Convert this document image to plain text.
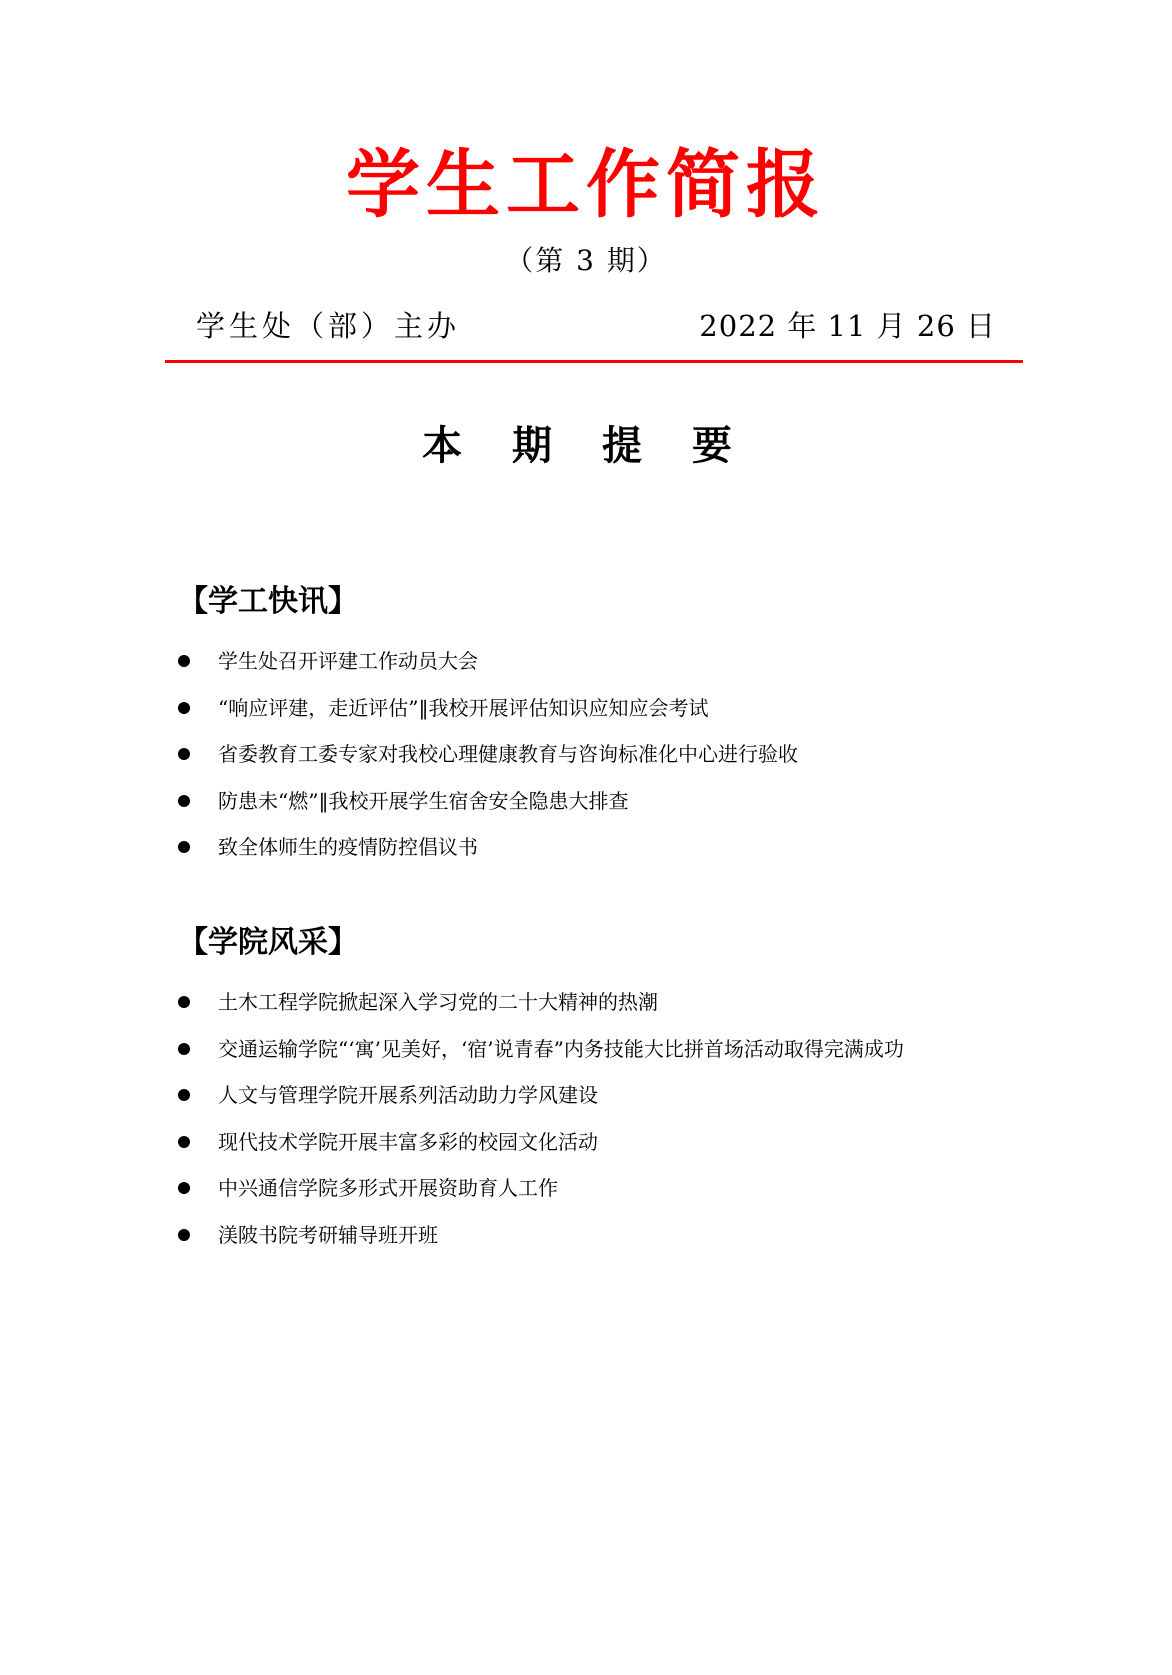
学生工作简报
（第 3 期）
学生处（部）主办	2022 年 11 月 26 日
本 期 提 要
【学工快讯】
学生处召开评建工作动员大会
“响应评建，走近评估”‖我校开展评估知识应知应会考试
省委教育工委专家对我校心理健康教育与咨询标准化中心进行验收
防患未“燃”‖我校开展学生宿舍安全隐患大排查
致全体师生的疫情防控倡议书
【学院风采】
土木工程学院掀起深入学习党的二十大精神的热潮
交通运输学院“‘寓’见美好，‘宿’说青春”内务技能大比拼首场活动取得完满成功
人文与管理学院开展系列活动助力学风建设
现代技术学院开展丰富多彩的校园文化活动
中兴通信学院多形式开展资助育人工作
渼陂书院考研辅导班开班
